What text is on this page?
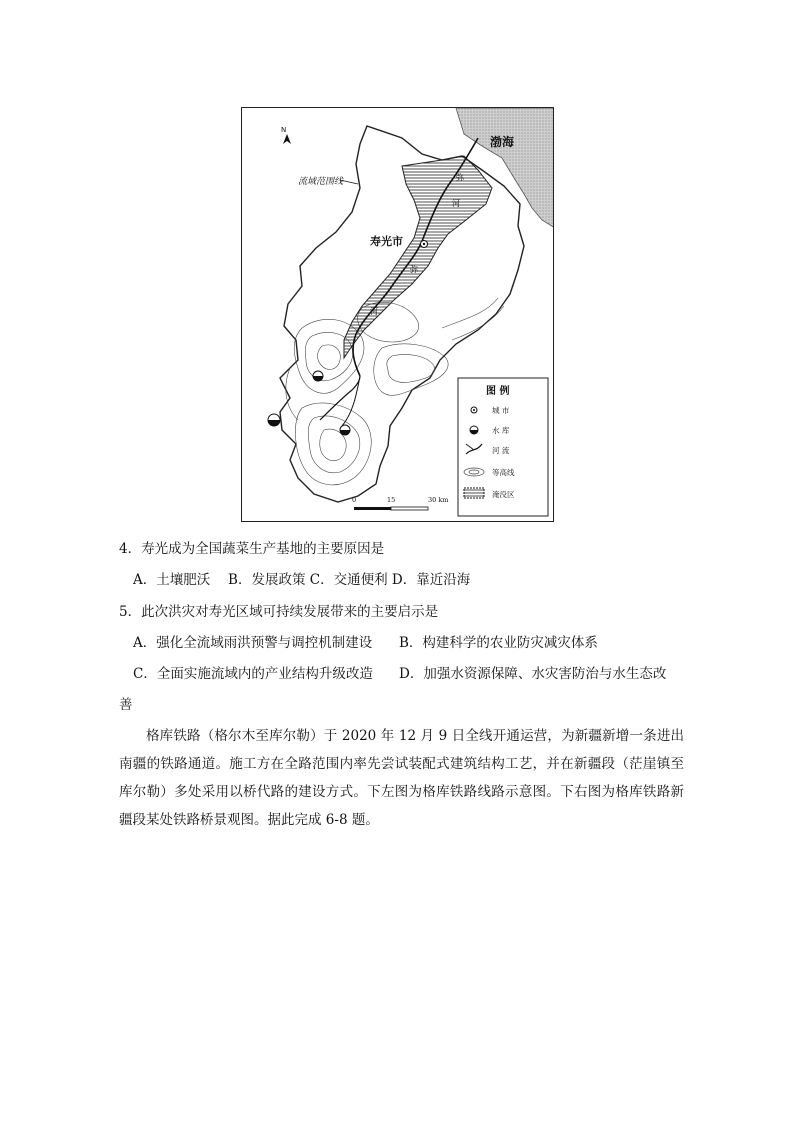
N
渤海
流域范围线
寿光市
弥
河
弥
河
图 例
城 市
水 库
河 流
等高线
淹没区
0	15	30 km
4．寿光成为全国蔬菜生产基地的主要原因是
A．土壤肥沃　 B．发展政策 C．交通便利 D．靠近沿海
5．此次洪灾对寿光区域可持续发展带来的主要启示是
A．强化全流域雨洪预警与调控机制建设 B．构建科学的农业防灾减灾体系
C．全面实施流域内的产业结构升级改造 D．加强水资源保障、水灾害防治与水生态改
善

格库铁路（格尔木至库尔勒）于 2020 年 12 月 9 日全线开通运营，为新疆新增一条进出南疆的铁路通道。施工方在全路范围内率先尝试装配式建筑结构工艺，并在新疆段（茫崖镇至库尔勒）多处采用以桥代路的建设方式。下左图为格库铁路线路示意图。下右图为格库铁路新疆段某处铁路桥景观图。据此完成 6-8 题。
